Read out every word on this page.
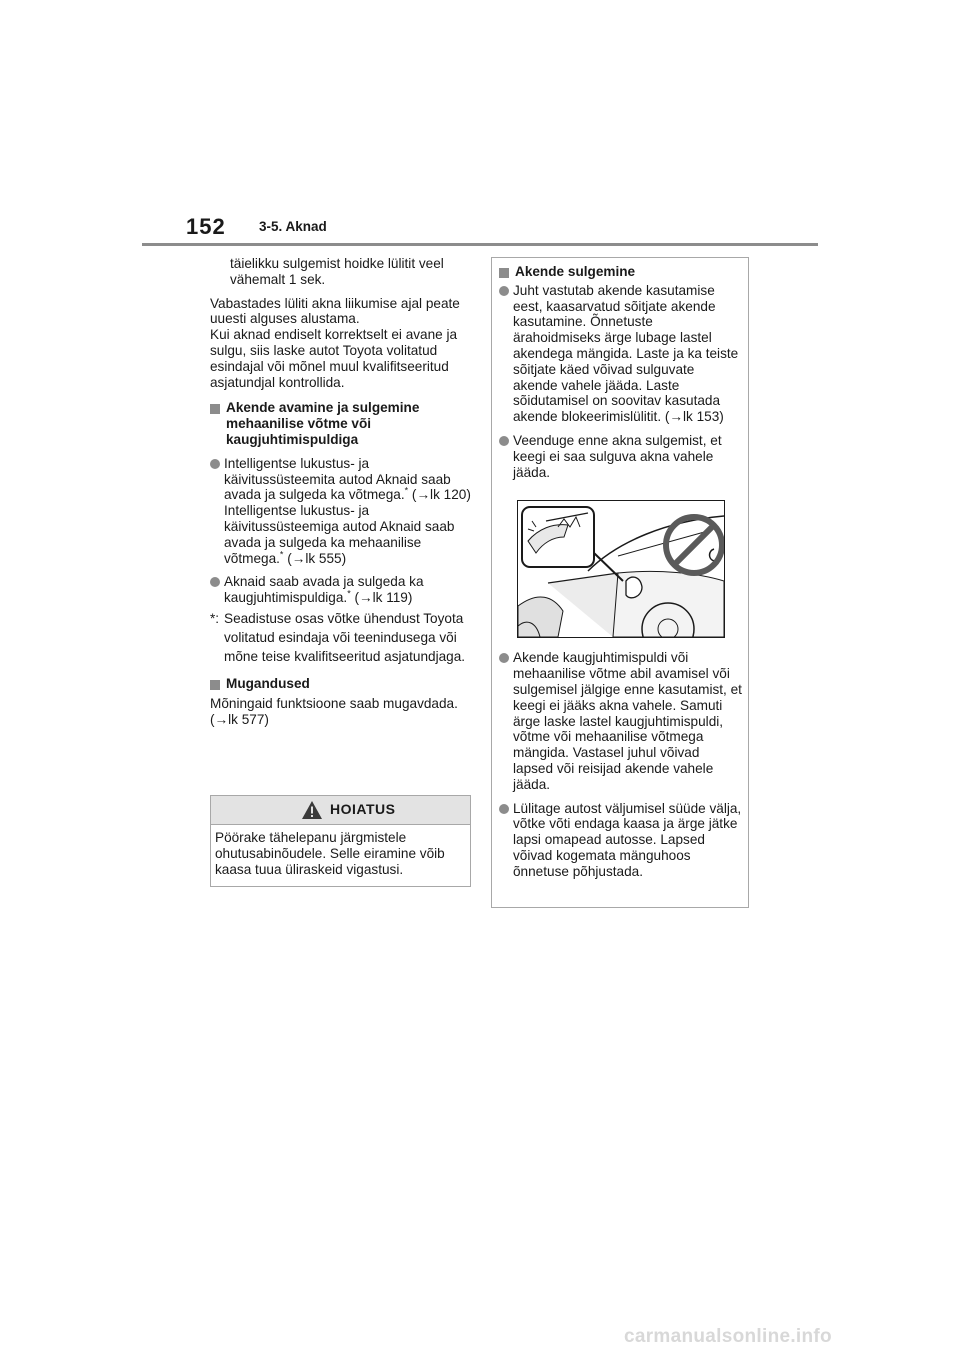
152 3-5. Aknad

täielikku sulgemist hoidke lülitit veel vähemalt 1 sek.

Vabastades lüliti akna liikumise ajal peate uuesti alguses alustama.

Kui aknad endiselt korrektselt ei avane ja sulgu, siis laske autot Toyota volitatud esindajal või mõnel muul kvalifitseeritud asjatundjal kontrollida.

Akende avamine ja sulgemine mehaanilise võtme või kaugjuhtimispuldiga

Intelligentse lukustus- ja käivitussüsteemita autod Aknaid saab avada ja sulgeda ka võtmega.* (→lk 120)
Intelligentse lukustus- ja käivitussüsteemiga autod Aknaid saab avada ja sulgeda ka mehaanilise võtmega.* (→lk 555)

Aknaid saab avada ja sulgeda ka kaugjuhtimispuldiga.* (→lk 119)

*: Seadistuse osas võtke ühendust Toyota volitatud esindaja või teenindusega või mõne teise kvalifitseeritud asjatundjaga.

Mugandused

Mõningaid funktsioone saab mugavdada. (→lk 577)

HOIATUS

Pöörake tähelepanu järgmistele ohutusabinõudele. Selle eiramine võib kaasa tuua üliraskeid vigastusi.

Akende sulgemine

Juht vastutab akende kasutamise eest, kaasarvatud sõitjate akende kasutamine. Õnnetuste ärahoidmiseks ärge lubage lastel akendega mängida. Laste ja ka teiste sõitjate käed võivad sulguvate akende vahele jääda. Laste sõidutamisel on soovitav kasutada akende blokeerimislülitit. (→lk 153)

Veenduge enne akna sulgemist, et keegi ei saa sulguva akna vahele jääda.

Akende kaugjuhtimispuldi või mehaanilise võtme abil avamisel või sulgemisel jälgige enne kasutamist, et keegi ei jääks akna vahele. Samuti ärge laske lastel kaugjuhtimispuldi, võtme või mehaanilise võtmega mängida. Vastasel juhul võivad lapsed või reisijad akende vahele jääda.

Lülitage autost väljumisel süüde välja, võtke võti endaga kaasa ja ärge jätke lapsi omapead autosse. Lapsed võivad kogemata mänguhoos õnnetuse põhjustada.

carmanualsonline.info
